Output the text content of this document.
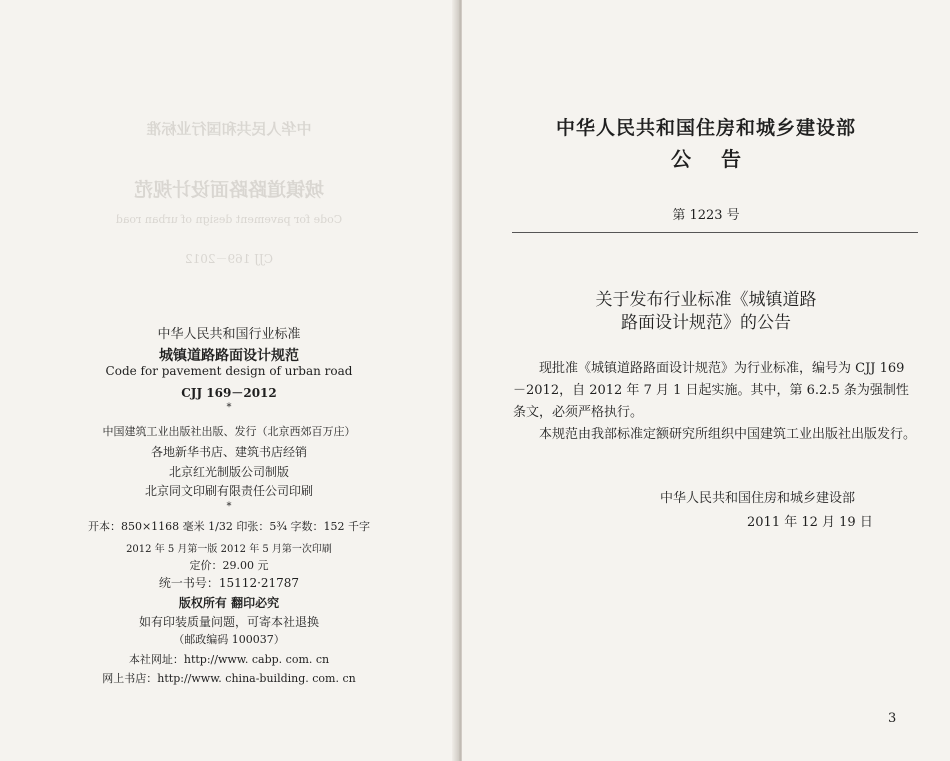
中华人民共和国行业标准
城镇道路路面设计规范
Code for pavement design of urban road
CJJ 169－2012
中华人民共和国行业标准
城镇道路路面设计规范
Code for pavement design of urban road
CJJ 169－2012
*
中国建筑工业出版社出版、发行（北京西郊百万庄）
各地新华书店、建筑书店经销
北京红光制版公司制版
北京同文印刷有限责任公司印刷
*
开本：850×1168 毫米 1/32 印张：5¾ 字数：152 千字
2012 年 5 月第一版 2012 年 5 月第一次印刷
定价：29.00 元
统一书号：15112·21787
版权所有 翻印必究
如有印装质量问题，可寄本社退换
（邮政编码 100037）
本社网址：http://www. cabp. com. cn
网上书店：http://www. china-building. com. cn
中华人民共和国住房和城乡建设部
公告
第 1223 号
关于发布行业标准《城镇道路
路面设计规范》的公告
现批准《城镇道路路面设计规范》为行业标准，编号为 CJJ 169－2012，自 2012 年 7 月 1 日起实施。其中，第 6.2.5 条为强制性条文，必须严格执行。
本规范由我部标准定额研究所组织中国建筑工业出版社出版发行。
中华人民共和国住房和城乡建设部
2011 年 12 月 19 日
3
